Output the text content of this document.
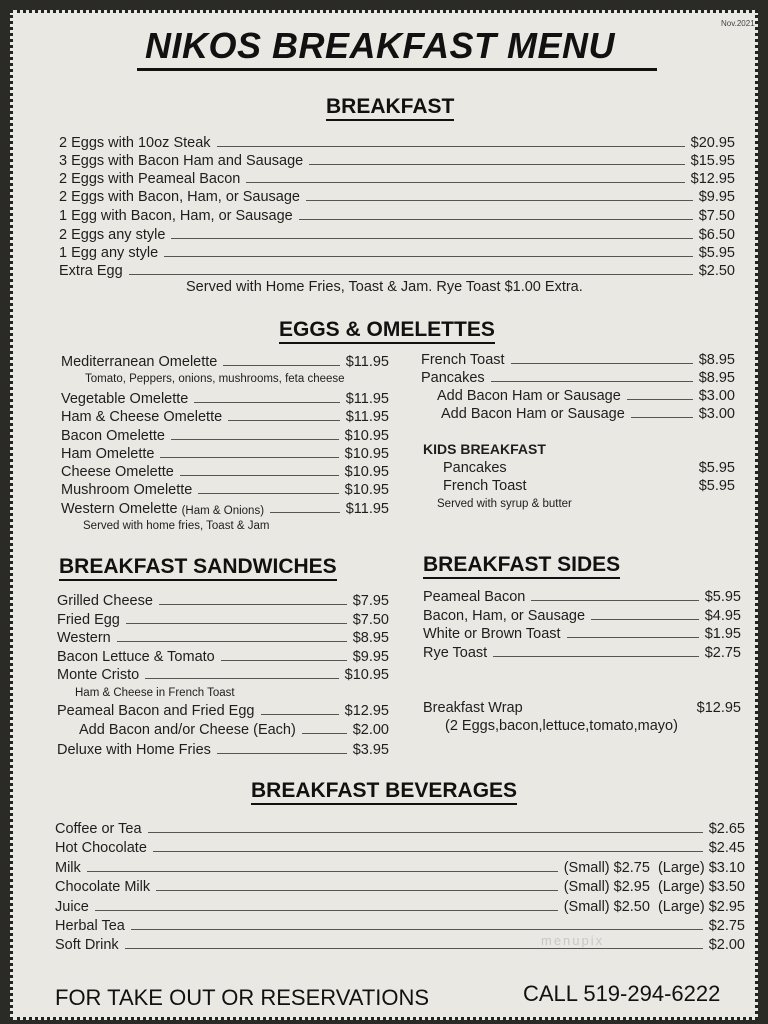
Nov.2021
NIKOS BREAKFAST MENU
BREAKFAST
2 Eggs with 10oz Steak	$20.95
3 Eggs with Bacon Ham and Sausage	$15.95
2 Eggs with Peameal Bacon	$12.95
2 Eggs with Bacon, Ham, or Sausage	$9.95
1 Egg with Bacon, Ham, or Sausage	$7.50
2 Eggs any style	$6.50
1 Egg any style	$5.95
Extra Egg	$2.50
Served with Home Fries, Toast & Jam. Rye Toast $1.00 Extra.
EGGS & OMELETTES
Mediterranean Omelette	$11.95
Tomato, Peppers, onions, mushrooms, feta cheese
Vegetable Omelette	$11.95
Ham & Cheese Omelette	$11.95
Bacon Omelette	$10.95
Ham Omelette	$10.95
Cheese Omelette	$10.95
Mushroom Omelette	$10.95
Western Omelette (Ham & Onions)	$11.95
Served with home fries, Toast & Jam
French Toast	$8.95
Pancakes	$8.95
Add Bacon Ham or Sausage	$3.00
Add Bacon Ham or Sausage	$3.00
KIDS BREAKFAST
Pancakes	$5.95
French Toast	$5.95
Served with syrup & butter
BREAKFAST SANDWICHES
Grilled Cheese	$7.95
Fried Egg	$7.50
Western	$8.95
Bacon Lettuce & Tomato	$9.95
Monte Cristo	$10.95
Ham & Cheese in French Toast
Peameal Bacon and Fried Egg	$12.95
Add Bacon and/or Cheese (Each)	$2.00
Deluxe with Home Fries	$3.95
BREAKFAST SIDES
Peameal Bacon	$5.95
Bacon, Ham, or Sausage	$4.95
White or Brown Toast	$1.95
Rye Toast	$2.75
Breakfast Wrap	$12.95
(2 Eggs,bacon,lettuce,tomato,mayo)
BREAKFAST BEVERAGES
Coffee or Tea	$2.65
Hot Chocolate	$2.45
Milk	(Small) $2.75 (Large) $3.10
Chocolate Milk	(Small) $2.95 (Large) $3.50
Juice	(Small) $2.50 (Large) $2.95
Herbal Tea	$2.75
Soft Drink	$2.00
menupix
FOR TAKE OUT OR RESERVATIONS	CALL 519-294-6222
